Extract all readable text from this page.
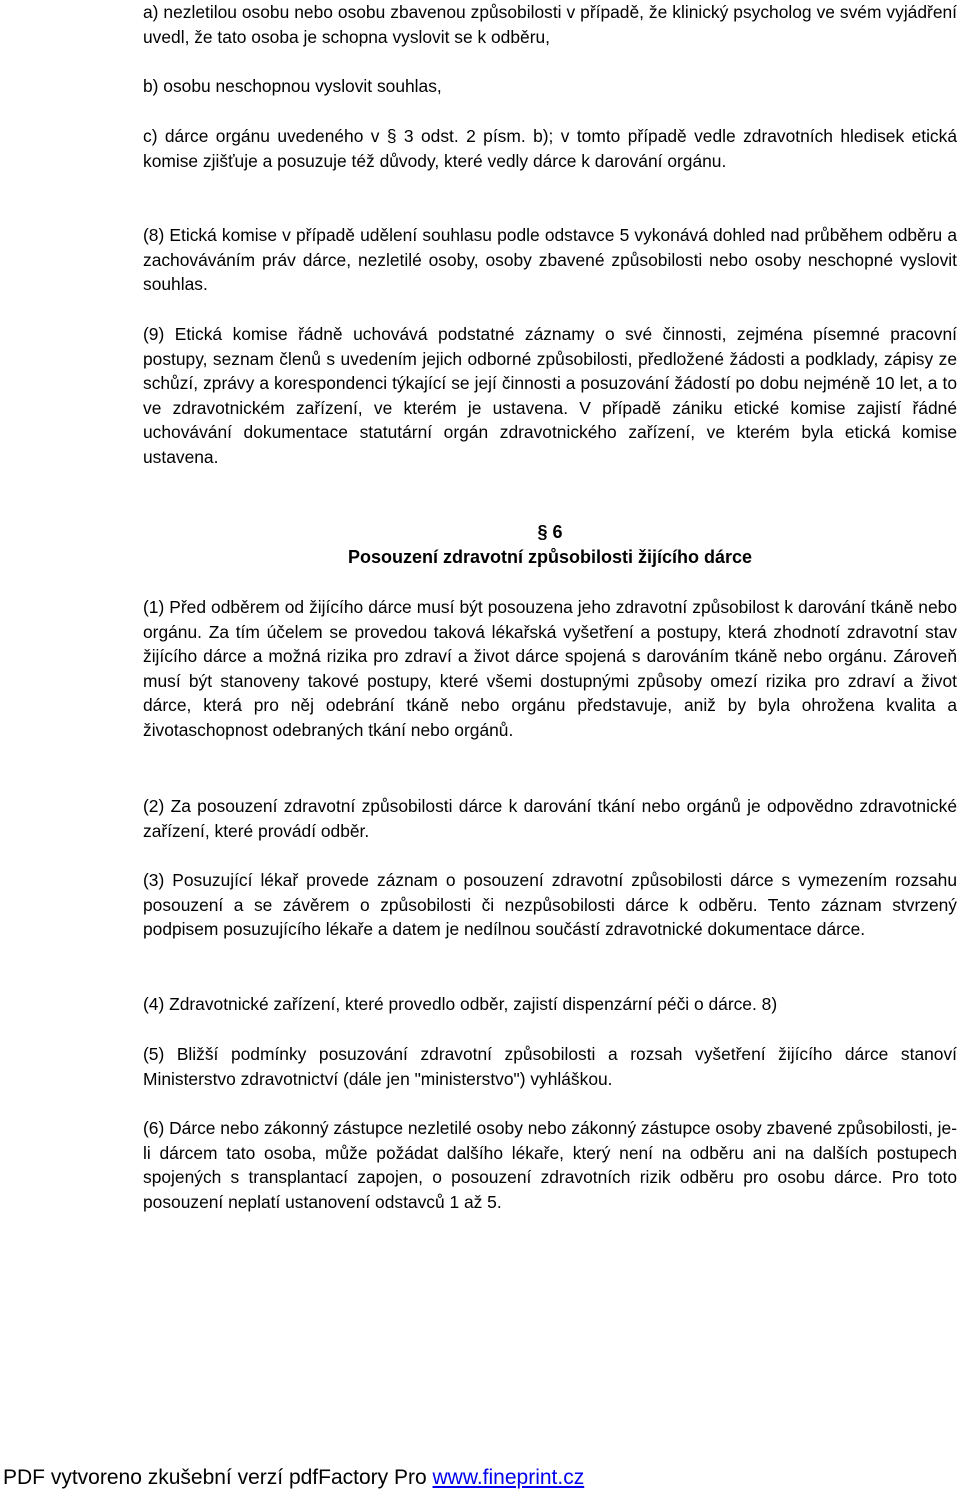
a) nezletilou osobu nebo osobu zbavenou způsobilosti v případě, že klinický psycholog ve svém vyjádření uvedl, že tato osoba je schopna vyslovit se k odběru,

b) osobu neschopnou vyslovit souhlas,

c) dárce orgánu uvedeného v § 3 odst. 2 písm. b); v tomto případě vedle zdravotních hledisek etická komise zjišťuje a posuzuje též důvody, které vedly dárce k darování orgánu.

(8) Etická komise v případě udělení souhlasu podle odstavce 5 vykonává dohled nad průběhem odběru a zachováváním práv dárce, nezletilé osoby, osoby zbavené způsobilosti nebo osoby neschopné vyslovit souhlas.

(9) Etická komise řádně uchovává podstatné záznamy o své činnosti, zejména písemné pracovní postupy, seznam členů s uvedením jejich odborné způsobilosti, předložené žádosti a podklady, zápisy ze schůzí, zprávy a korespondenci týkající se její činnosti a posuzování žádostí po dobu nejméně 10 let, a to ve zdravotnickém zařízení, ve kterém je ustavena. V případě zániku etické komise zajistí řádné uchovávání dokumentace statutární orgán zdravotnického zařízení, ve kterém byla etická komise ustavena.

§ 6
Posouzení zdravotní způsobilosti žijícího dárce

(1) Před odběrem od žijícího dárce musí být posouzena jeho zdravotní způsobilost k darování tkáně nebo orgánu. Za tím účelem se provedou taková lékařská vyšetření a postupy, která zhodnotí zdravotní stav žijícího dárce a možná rizika pro zdraví a život dárce spojená s darováním tkáně nebo orgánu. Zároveň musí být stanoveny takové postupy, které všemi dostupnými způsoby omezí rizika pro zdraví a život dárce, která pro něj odebrání tkáně nebo orgánu představuje, aniž by byla ohrožena kvalita a životaschopnost odebraných tkání nebo orgánů.

(2) Za posouzení zdravotní způsobilosti dárce k darování tkání nebo orgánů je odpovědno zdravotnické zařízení, které provádí odběr.

(3) Posuzující lékař provede záznam o posouzení zdravotní způsobilosti dárce s vymezením rozsahu posouzení a se závěrem o způsobilosti či nezpůsobilosti dárce k odběru. Tento záznam stvrzený podpisem posuzujícího lékaře a datem je nedílnou součástí zdravotnické dokumentace dárce.

(4) Zdravotnické zařízení, které provedlo odběr, zajistí dispenzární péči o dárce. 8)

(5) Bližší podmínky posuzování zdravotní způsobilosti a rozsah vyšetření žijícího dárce stanoví Ministerstvo zdravotnictví (dále jen "ministerstvo") vyhláškou.

(6) Dárce nebo zákonný zástupce nezletilé osoby nebo zákonný zástupce osoby zbavené způsobilosti, je-li dárcem tato osoba, může požádat dalšího lékaře, který není na odběru ani na dalších postupech spojených s transplantací zapojen, o posouzení zdravotních rizik odběru pro osobu dárce. Pro toto posouzení neplatí ustanovení odstavců 1 až 5.

PDF vytvoreno zkušební verzí pdfFactory Pro www.fineprint.cz
